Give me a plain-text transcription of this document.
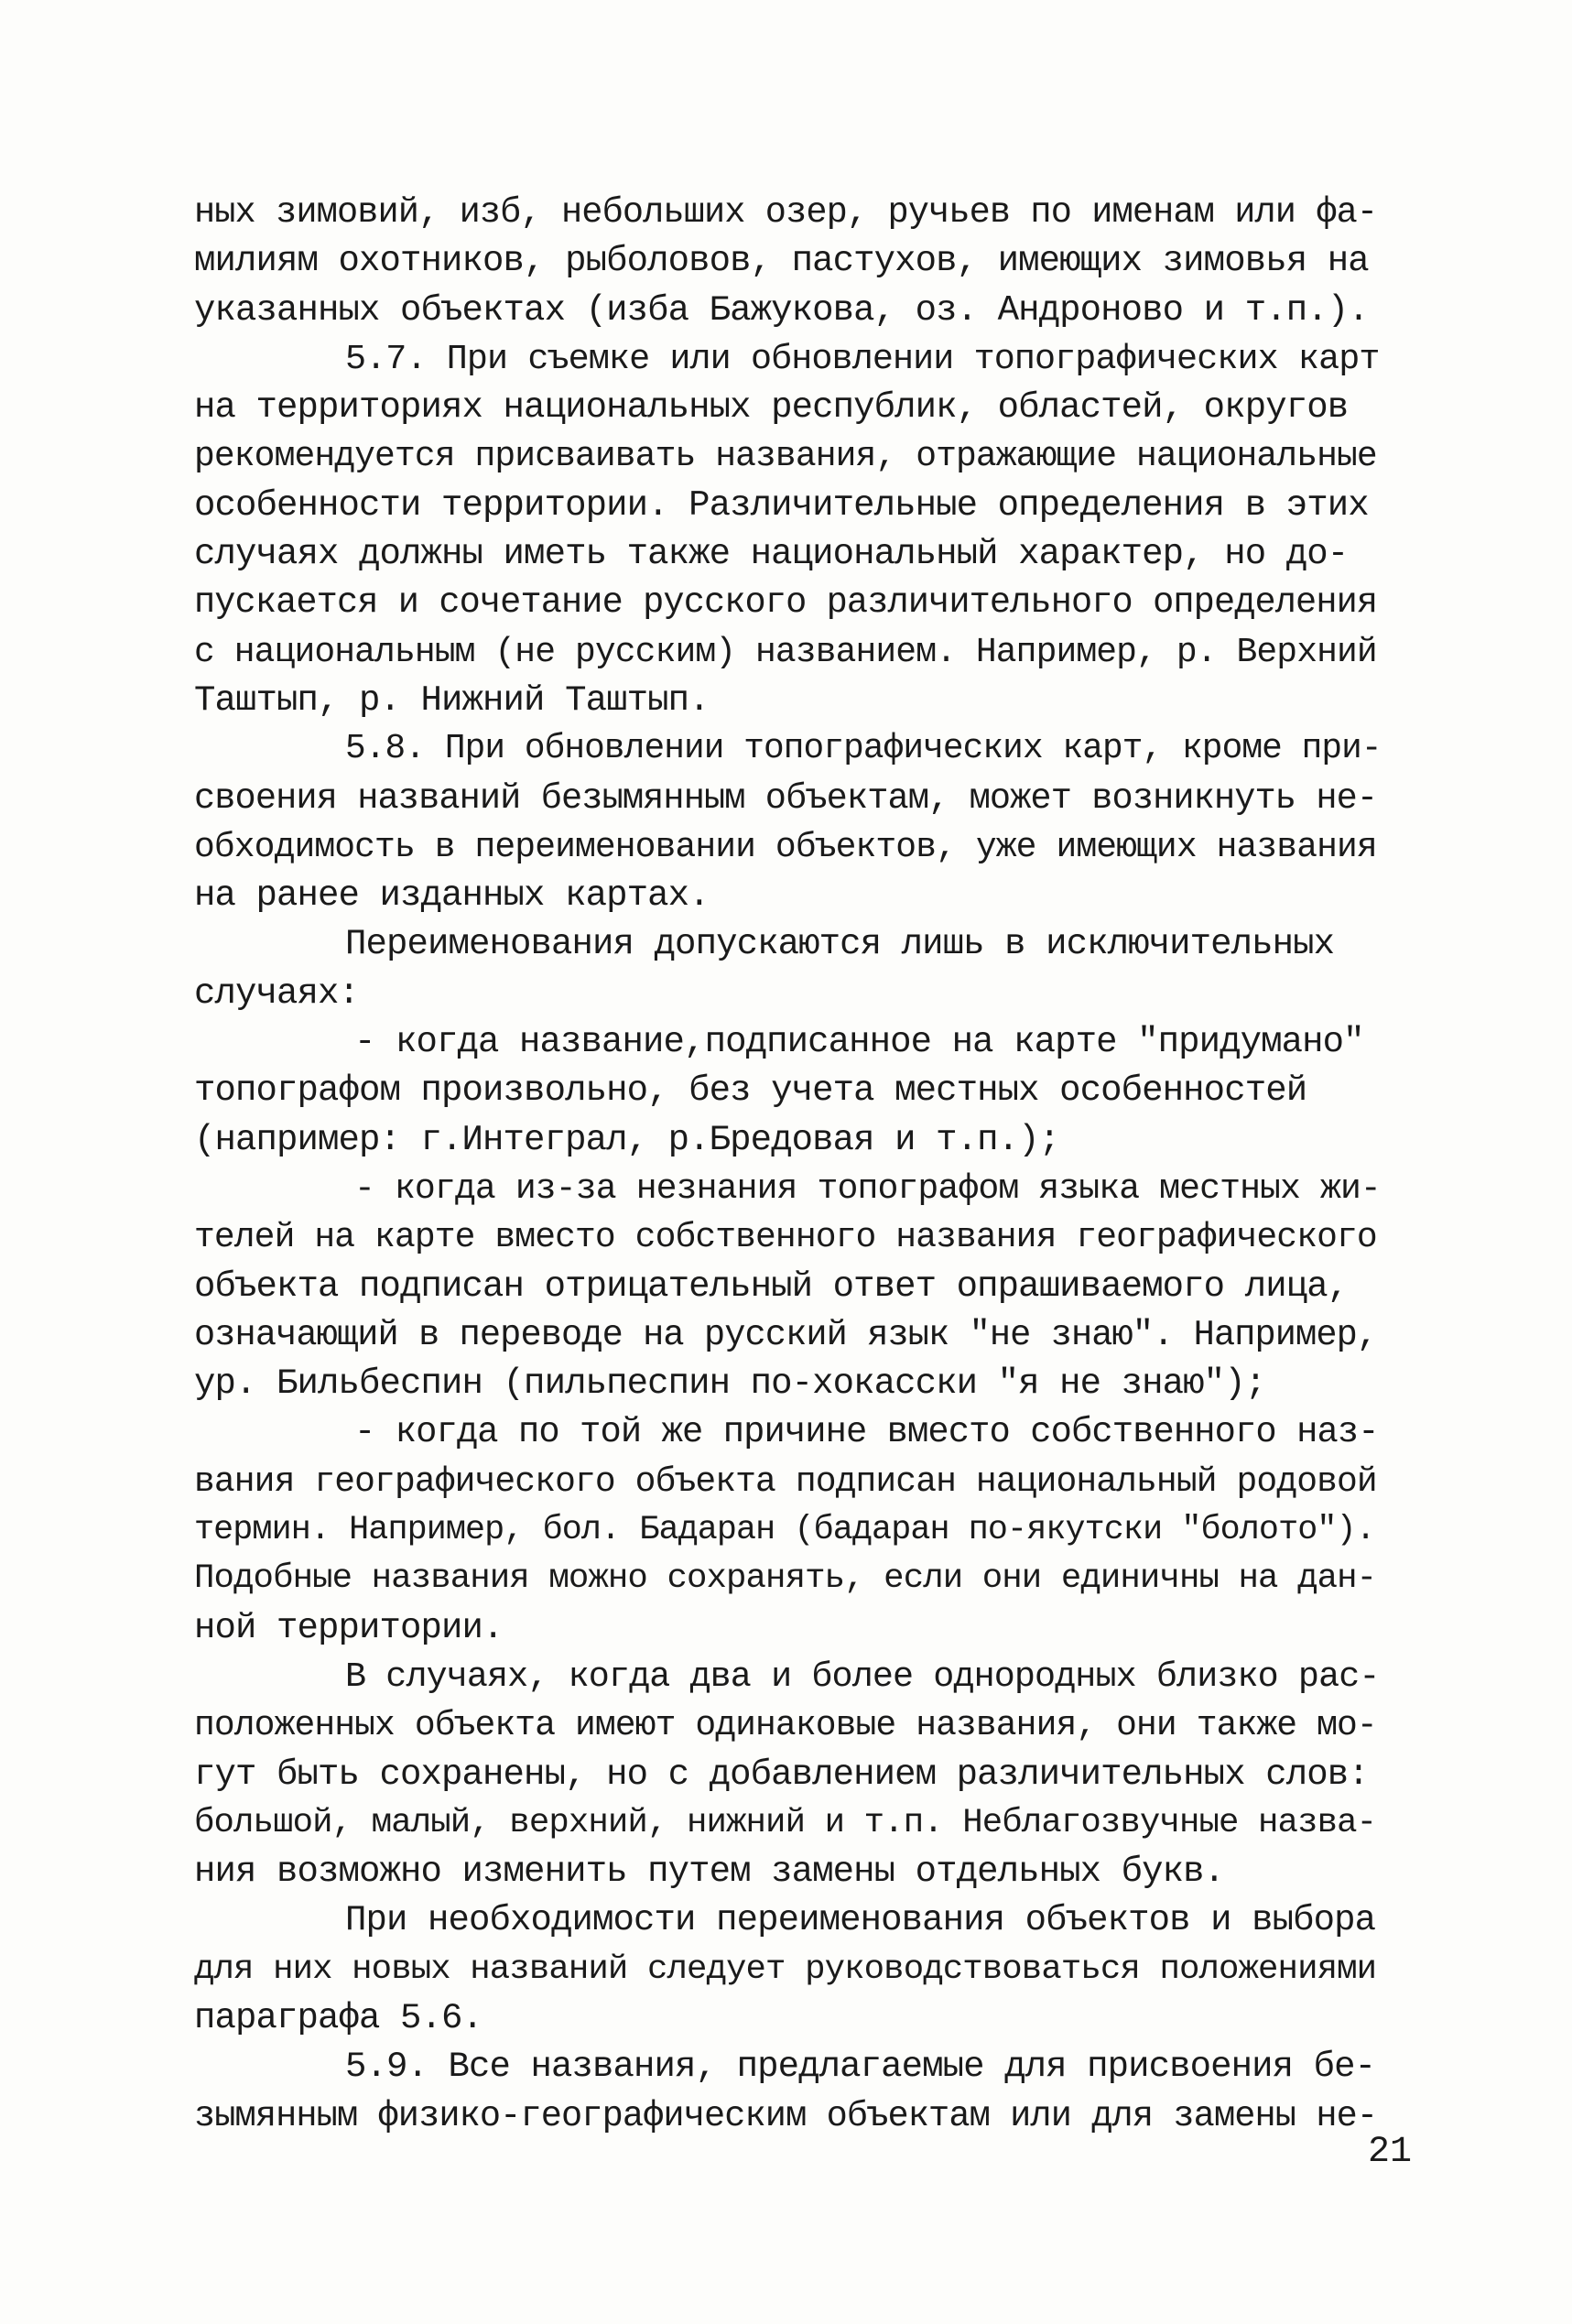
ных зимовий, изб, небольших озер, ручьев по именам или фа-
милиям охотников, рыболовов, пастухов, имеющих зимовья на
указанных объектах (изба Бажукова, оз. Андроново и т.п.).
5.7. При съемке или обновлении топографических карт
на территориях национальных республик, областей, округов
рекомендуется присваивать названия, отражающие национальные
особенности территории. Различительные определения в этих
случаях должны иметь также национальный характер, но до-
пускается и сочетание русского различительного определения
с национальным (не русским) названием. Например, р. Верхний
Таштып, р. Нижний Таштып.
5.8. При обновлении топографических карт, кроме при-
своения названий безымянным объектам, может возникнуть не-
обходимость в переименовании объектов, уже имеющих названия
на ранее изданных картах.
Переименования допускаются лишь в исключительных
случаях:
- когда название,подписанное на карте "придумано"
топографом произвольно, без учета местных особенностей
(например: г.Интеграл, р.Бредовая и т.п.);
- когда из-за незнания топографом языка местных жи-
телей на карте вместо собственного названия географического
объекта подписан отрицательный ответ опрашиваемого лица,
означающий в переводе на русский язык "не знаю". Например,
ур. Бильбеспин (пильпеспин по-хокасски "я не знаю");
- когда по той же причине вместо собственного наз-
вания географического объекта подписан национальный родовой
термин. Например, бол. Бадаран (бадаран по-якутски "болото").
Подобные названия можно сохранять, если они единичны на дан-
ной территории.
В случаях, когда два и более однородных близко рас-
положенных объекта имеют одинаковые названия, они также мо-
гут быть сохранены, но с добавлением различительных слов:
большой, малый, верхний, нижний и т.п. Неблагозвучные назва-
ния возможно изменить путем замены отдельных букв.
При необходимости переименования объектов и выбора
для них новых названий следует руководствоваться положениями
параграфа 5.6.
5.9. Все названия, предлагаемые для присвоения бе-
зымянным физико-географическим объектам или для замены не-
21
